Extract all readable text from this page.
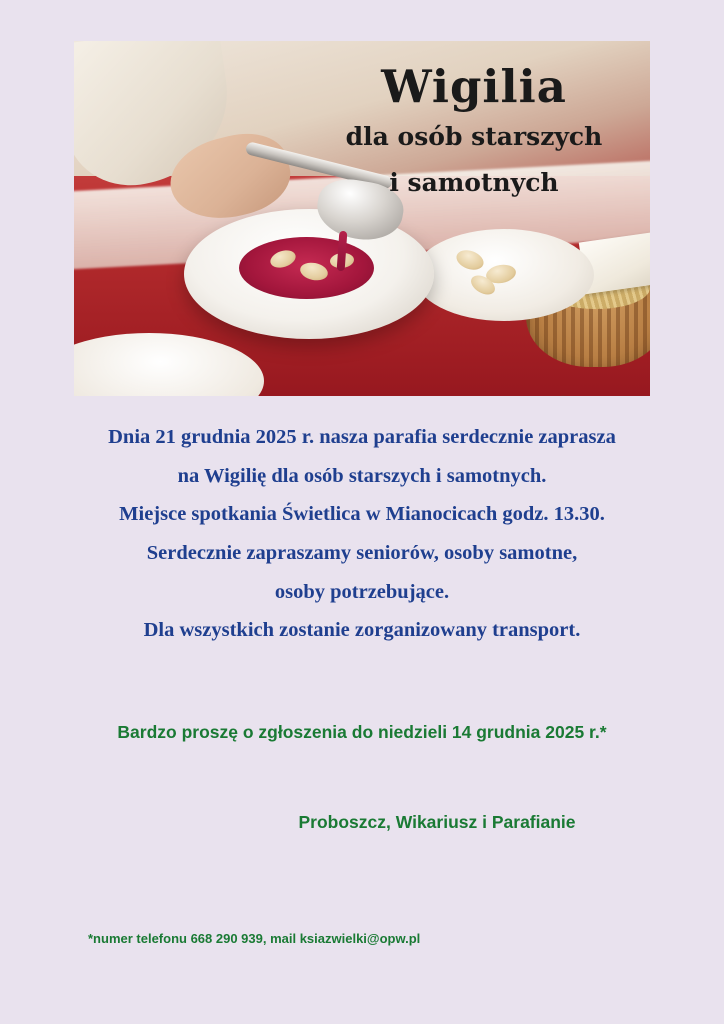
Wigilia
dla osób starszych
i samotnych

Dnia 21 grudnia 2025 r. nasza parafia serdecznie zaprasza

na Wigilię dla osób starszych i samotnych.

Miejsce spotkania Świetlica w Mianocicach godz. 13.30.

Serdecznie zapraszamy seniorów, osoby samotne,

osoby potrzebujące.

Dla wszystkich zostanie zorganizowany transport.

Bardzo proszę o zgłoszenia do niedzieli 14 grudnia 2025 r.*
Proboszcz, Wikariusz i Parafianie
*numer telefonu 668 290 939, mail ksiazwielki@opw.pl
